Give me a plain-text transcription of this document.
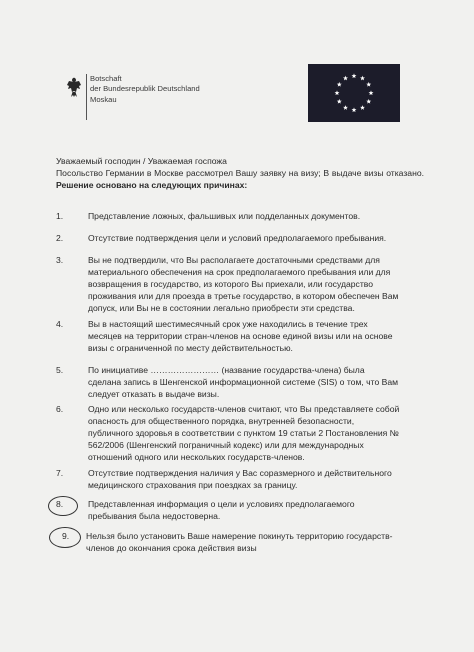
Botschaft
der Bundesrepublik Deutschland
Moskau

Уважаемый господин / Уважаемая госпожа

Посольство Германии в Москве рассмотрел Вашу заявку на визу; В выдаче визы отказано. Решение основано на следующих причинах:

1.	Представление ложных, фальшивых или подделанных документов.
2.	Отсутствие подтверждения цели и условий предполагаемого пребывания.
3.	Вы не подтвердили, что Вы располагаете достаточными средствами для
материального обеспечения на срок предполагаемого пребывания или для
возвращения в государство, из которого Вы приехали, или государство
проживания или для проезда в третье государство, в котором обеспечен Вам
допуск, или Вы не в состоянии легально приобрести эти средства.
4.	Вы в настоящий шестимесячный срок уже находились в течение трех
месяцев на территории стран-членов на основе единой визы или на основе
визы с ограниченной по месту действительностью.
5.	По инициативе …………………… (название государства-члена) была
сделана запись в Шенгенской информационной системе (SIS) о том, что Вам
следует отказать в выдаче визы.
6.	Одно или несколько государств-членов считают, что Вы представляете собой
опасность для общественного порядка, внутренней безопасности,
публичного здоровья в соответствии с пунктом 19 статьи 2 Постановления №
562/2006 (Шенгенский пограничный кодекс) или для международных
отношений одного или нескольких государств-членов.
7.	Отсутствие подтверждения наличия у Вас соразмерного и действительного
медицинского страхования при поездках за границу.
8.	Представленная информация о цели и условиях предполагаемого
пребывания была недостоверна.
9.	Нельзя было установить Ваше намерение покинуть территорию государств-
членов до окончания срока действия визы
